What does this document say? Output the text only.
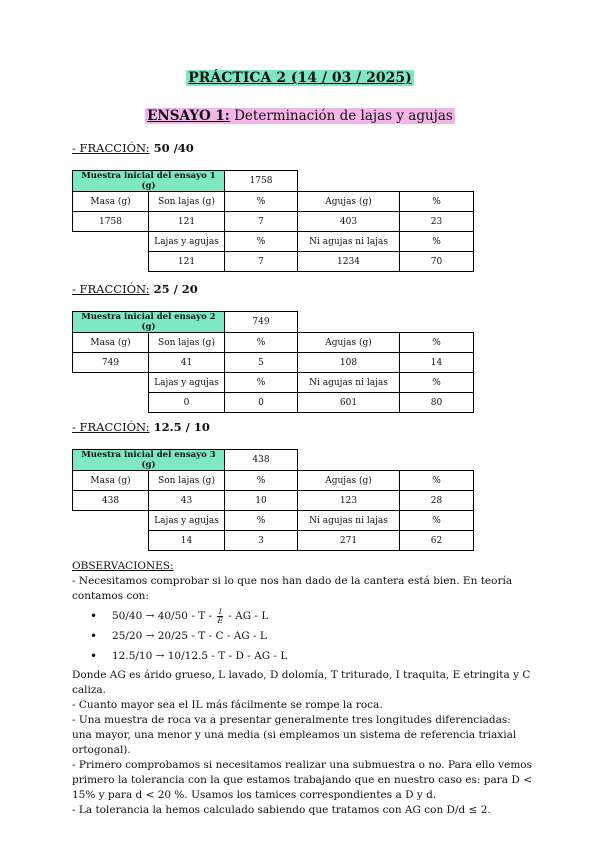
PRÁCTICA 2 (14 / 03 / 2025)
ENSAYO 1: Determinación de lajas y agujas
- FRACCIÓN: 50 /40
Muestra inicial del ensayo 1 (g)		1758		
Masa (g)	Son lajas (g)	%	Agujas (g)	%
1758	121	7	403	23
	Lajas y agujas	%	Ni agujas ni lajas	%
	121	7	1234	70
- FRACCIÓN: 25 / 20
Muestra inicial del ensayo 2 (g)		749		
Masa (g)	Son lajas (g)	%	Agujas (g)	%
749	41	5	108	14
	Lajas y agujas	%	Ni agujas ni lajas	%
	0	0	601	80
- FRACCIÓN: 12.5 / 10
Muestra inicial del ensayo 3 (g)		438		
Masa (g)	Son lajas (g)	%	Agujas (g)	%
438	43	10	123	28
	Lajas y agujas	%	Ni agujas ni lajas	%
	14	3	271	62

OBSERVACIONES:

- Necesitamos comprobar si lo que nos han dado de la cantera está bien. En teoría contamos con:

• $50/40 \to 40/50 - T - \frac{I}{E}$ - AG - L
• 25/20 → 20/25 - T - C - AG - L
• 12.5/10 → 10/12.5 - T - D - AG - L

Donde AG es árido grueso, L lavado, D dolomía, T triturado, I traquita, E etringita y C caliza.

- Cuanto mayor sea el IL más fácilmente se rompe la roca.

- Una muestra de roca va a presentar generalmente tres longitudes diferenciadas: una mayor, una menor y una media (si empleamos un sistema de referencia triaxial ortogonal).

- Primero comprobamos si necesitamos realizar una submuestra o no. Para ello vemos primero la tolerancia con la que estamos trabajando que en nuestro caso es: para D < 15% y para d < 20 %. Usamos los tamices correspondientes a D y d.

- La tolerancia la hemos calculado sabiendo que tratamos con AG con D/d ≤ 2.
